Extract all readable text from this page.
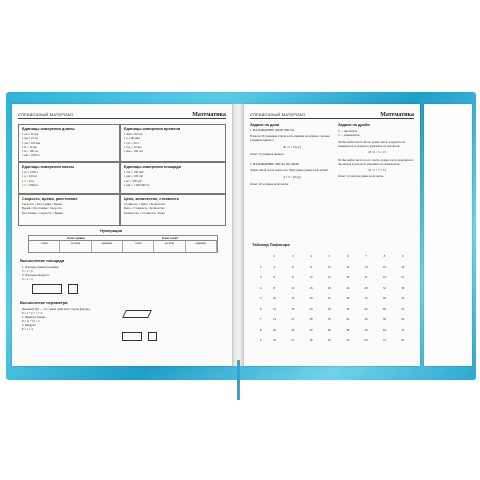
СПРАВОЧНЫЙ МАТЕРИАЛ	Математика
Единицы измерения длины
1 см = 10 мм
1 дм = 10 см
1 дм = 100 мм
1 м = 10 дм
1 м = 100 см
1 км = 1000 м
Единицы измерения времени
1 мин = 60 сек
1 ч = 60 мин
1 сут = 24 ч
1 год = 12 мес
1 век = 100 лет
Единицы измерения массы
1 кг = 1000 г
1 ц = 100 кг
1 т = 10 ц
1 т = 1000 кг
Единицы измерения площади
1 см² = 100 мм²
1 дм² = 100 см²
1 м² = 100 дм²
1 км² = 1 000 000 м²
Скорость, время, расстояние
Скорость = Расстояние : Время
Время = Расстояние : Скорость
Расстояние = Скорость × Время
Цена, количество, стоимость
Стоимость = Цена × Количество
Цена = Стоимость : Количество
Количество = Стоимость : Цена
Нумерация
Класс единиц	Класс тысяч
сотни	десятки	единицы	сотни	десятки	единицы
Вычисление площади
1. Площадь прямоугольника:
S = a × b
2. Площадь квадрата:
S = a × a
Вычисление периметра
Периметр (P) — это сумма длин всех сторон фигуры.
P = a + b + c + d
1. Прямоугольник:
P = (a + b) × 2
2. Квадрат:
P = a × 4
СПРАВОЧНЫЙ МАТЕРИАЛ	Математика
Задачи на доли
1. НАХОЖДЕНИЕ ДОЛИ ЧИСЛА
В школе 30 учеников. Пятая часть пришла на кружок. Сколько учеников пришло?
30 : 5 = 6 (уч.)
Ответ: 6 учеников пришло.
2. НАХОЖДЕНИЕ ЧИСЛА ПО ДОЛЕ
Длина пятой части ленты 4 м. Чему равна длина всей ленты?
4 × 5 = 20 (м)
Ответ: 20 м длина всей ленты.
Задачи на дроби
3 — числитель
5 — знаменатель
Чтобы найти часть числа, нужно число разделить на знаменатель и результат умножить на числитель.
18 : 6 × 5 = 15
Чтобы найти число по его части, нужно часть разделить на числитель и результат умножить на знаменатель.
10 : 5 × 7 = 14
Ответ: 14 метров длина всей ленты.
Таблица Пифагора
	2	3	4	5	6	7	8	9
2	4	6	8	10	12	14	16	18
3	6	9	12	15	18	21	24	27
4	8	12	16	20	24	28	32	36
5	10	15	20	25	30	35	40	45
6	12	18	24	30	36	42	48	54
7	14	21	28	35	42	49	56	63
8	16	24	32	40	48	56	64	72
9	18	27	36	45	54	63	72	81
